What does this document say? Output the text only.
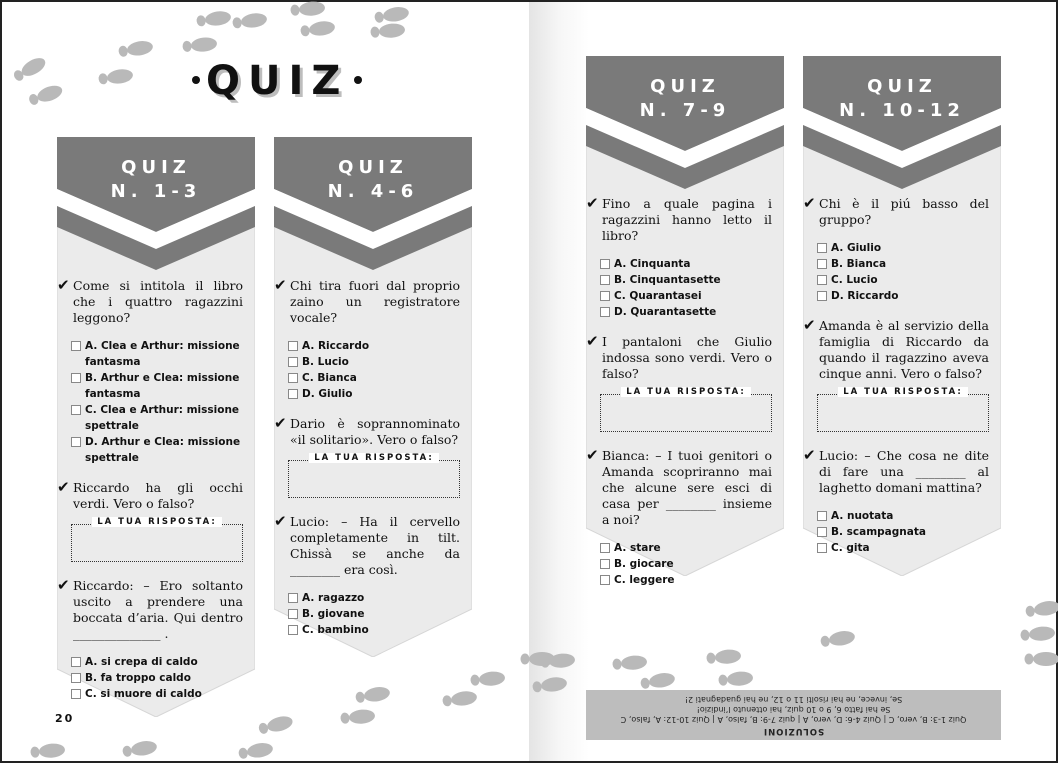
QUIZ
QUIZ
N. 1-3
✔ Come si intitola il libro che i quattro ragazzini leggono?
A. Clea e Arthur: missione fantasma
B. Arthur e Clea: missione fantasma
C. Clea e Arthur: missione spettrale
D. Arthur e Clea: missione spettrale
✔ Riccardo ha gli occhi verdi. Vero o falso?
LA TUA RISPOSTA:
✔ Riccardo: – Ero soltanto uscito a prendere una boccata d’aria. Qui dentro ______________ .
A. si crepa di caldo
B. fa troppo caldo
C. si muore di caldo
QUIZ
N. 4-6
✔ Chi tira fuori dal proprio zaino un registratore vocale?
A. Riccardo
B. Lucio
C. Bianca
D. Giulio
✔ Dario è soprannominato «il solitario». Vero o falso?
LA TUA RISPOSTA:
✔ Lucio: – Ha il cervello completamente in tilt. Chissà se anche da ________ era così.
A. ragazzo
B. giovane
C. bambino
QUIZ
N. 7-9
✔ Fino a quale pagina i ragazzini hanno letto il libro?
A. Cinquanta
B. Cinquantasette
C. Quarantasei
D. Quarantasette
✔ I pantaloni che Giulio indossa sono verdi. Vero o falso?
LA TUA RISPOSTA:
✔ Bianca: – I tuoi genitori o Amanda scopriranno mai che alcune sere esci di casa per ________ insieme a noi?
A. stare
B. giocare
C. leggere
QUIZ
N. 10-12
✔ Chi è il piú basso del gruppo?
A. Giulio
B. Bianca
C. Lucio
D. Riccardo
✔ Amanda è al servizio della famiglia di Riccardo da quando il ragazzino aveva cinque anni. Vero o falso?
LA TUA RISPOSTA:
✔ Lucio: – Che cosa ne dite di fare una ________ al laghetto domani mattina?
A. nuotata
B. scampagnata
C. gita
20
SOLUZIONI
Quiz 1-3: B, vero, C | Quiz 4-6: D, vero, A | quiz 7-9: B, falso, A | Quiz 10-12: A, falso, C
Se hai fatto 6, 9 o 10 quiz, hai ottenuto l’indizio!
Se, invece, ne hai risolti 11 o 12, ne hai guadagnati 2!
